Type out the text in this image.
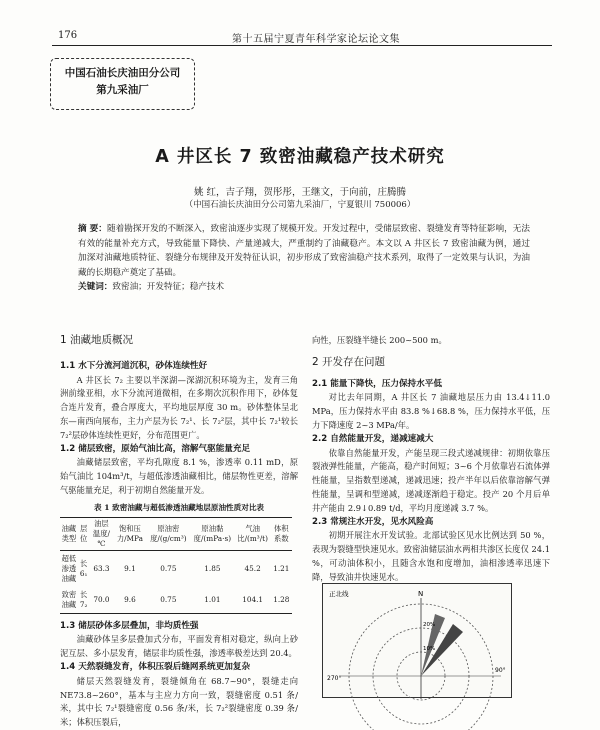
176	第十五届宁夏青年科学家论坛论文集
中国石油长庆油田分公司
第九采油厂
A 井区长 7 致密油藏稳产技术研究
姚 红，吉子翔，贺彤彤，王继文，于向前，庄腾腾
（中国石油长庆油田分公司第九采油厂，宁夏银川 750006）
摘 要：随着勘探开发的不断深入，致密油逐步实现了规模开发。开发过程中，受储层致密、裂缝发育等特征影响，无法有效的能量补充方式，导致能量下降快、产量递减大，严重制约了油藏稳产。本文以 A 井区长 7 致密油藏为例，通过加深对油藏地质特征、裂缝分布规律及开发特征认识，初步形成了致密油稳产技术系列，取得了一定效果与认识，为油藏的长期稳产奠定了基础。
关键词：致密油；开发特征；稳产技术
1 油藏地质概况
1.1 水下分流河道沉积，砂体连续性好

A 井区长 7₂ 主要以半深湖—深湖沉积环境为主，发育三角洲前缘亚相，水下分流河道微相，在多期次沉积作用下，砂体复合连片发育，叠合厚度大，平均地层厚度 30 m。砂体整体呈北东—南西向展布，主力产层为长 7₂¹、长 7₂²层，其中长 7₂¹较长 7₂²层砂体连续性更好，分布范围更广。

1.2 储层致密，原始气油比高，溶解气驱能量充足

油藏储层致密，平均孔隙度 8.1 %，渗透率 0.11 mD，原始气油比 104m³/t，与超低渗透油藏相比，储层物性更差，溶解气驱能量充足，利于初期自然能量开发。

表 1 致密油藏与超低渗透油藏地层原油性质对比表
油藏类型	层位	油层温度/℃	饱和压力/MPa	原油密度/(g/cm³)	原油黏度/(mPa·s)	气油比/(m³/t)	体积系数
超低渗透油藏	长 6₁	63.3	9.1	0.75	1.85	45.2	1.21
致密油藏	长 7₂	70.0	9.6	0.75	1.01	104.1	1.28
1.3 储层砂体多层叠加，非均质性强

油藏砂体呈多层叠加式分布，平面发育相对稳定，纵向上砂泥互层、多小层发育，储层非均质性强，渗透率极差达到 20.4。

1.4 天然裂缝发育，体积压裂后缝网系统更加复杂

储层天然裂缝发育，裂缝倾角在 68.7~90°，裂缝走向 NE73.8~260°，基本与主应力方向一致，裂缝密度 0.51 条/米，其中长 7₂¹裂缝密度 0.56 条/米，长 7₂²裂缝密度 0.39 条/米；体积压裂后，

向性，压裂缝半缝长 200~500 m。
2 开发存在问题
2.1 能量下降快，压力保持水平低

对比去年同期，A 井区长 7 油藏地层压力由 13.4↓11.0 MPa，压力保持水平由 83.8 %↓68.8 %，压力保持水平低，压力下降速度 2~3 MPa/年。

2.2 自然能量开发，递减速减大

依靠自然能量开发，产能呈现三段式递减规律：初期依靠压裂液弹性能量，产能高，稳产时间短；3~6 个月依靠岩石流体弹性能量，呈指数型递减，递减迅速；投产半年以后依靠溶解气弹性能量，呈调和型递减，递减逐渐趋于稳定。投产 20 个月后单井产能由 2.9↓0.89 t/d，平均月度递减 3.7 %。

2.3 常规注水开发，见水风险高

初期开展注水开发试验。北部试验区见水比例达到 50 %，表现为裂缝型快速见水。致密油储层油水两相共渗区长度仅 24.1 %，可动油体积小，且随含水饱和度增加，油相渗透率迅速下降，导致油井快速见水。

正北线	N
270°
90°
10%
20%
